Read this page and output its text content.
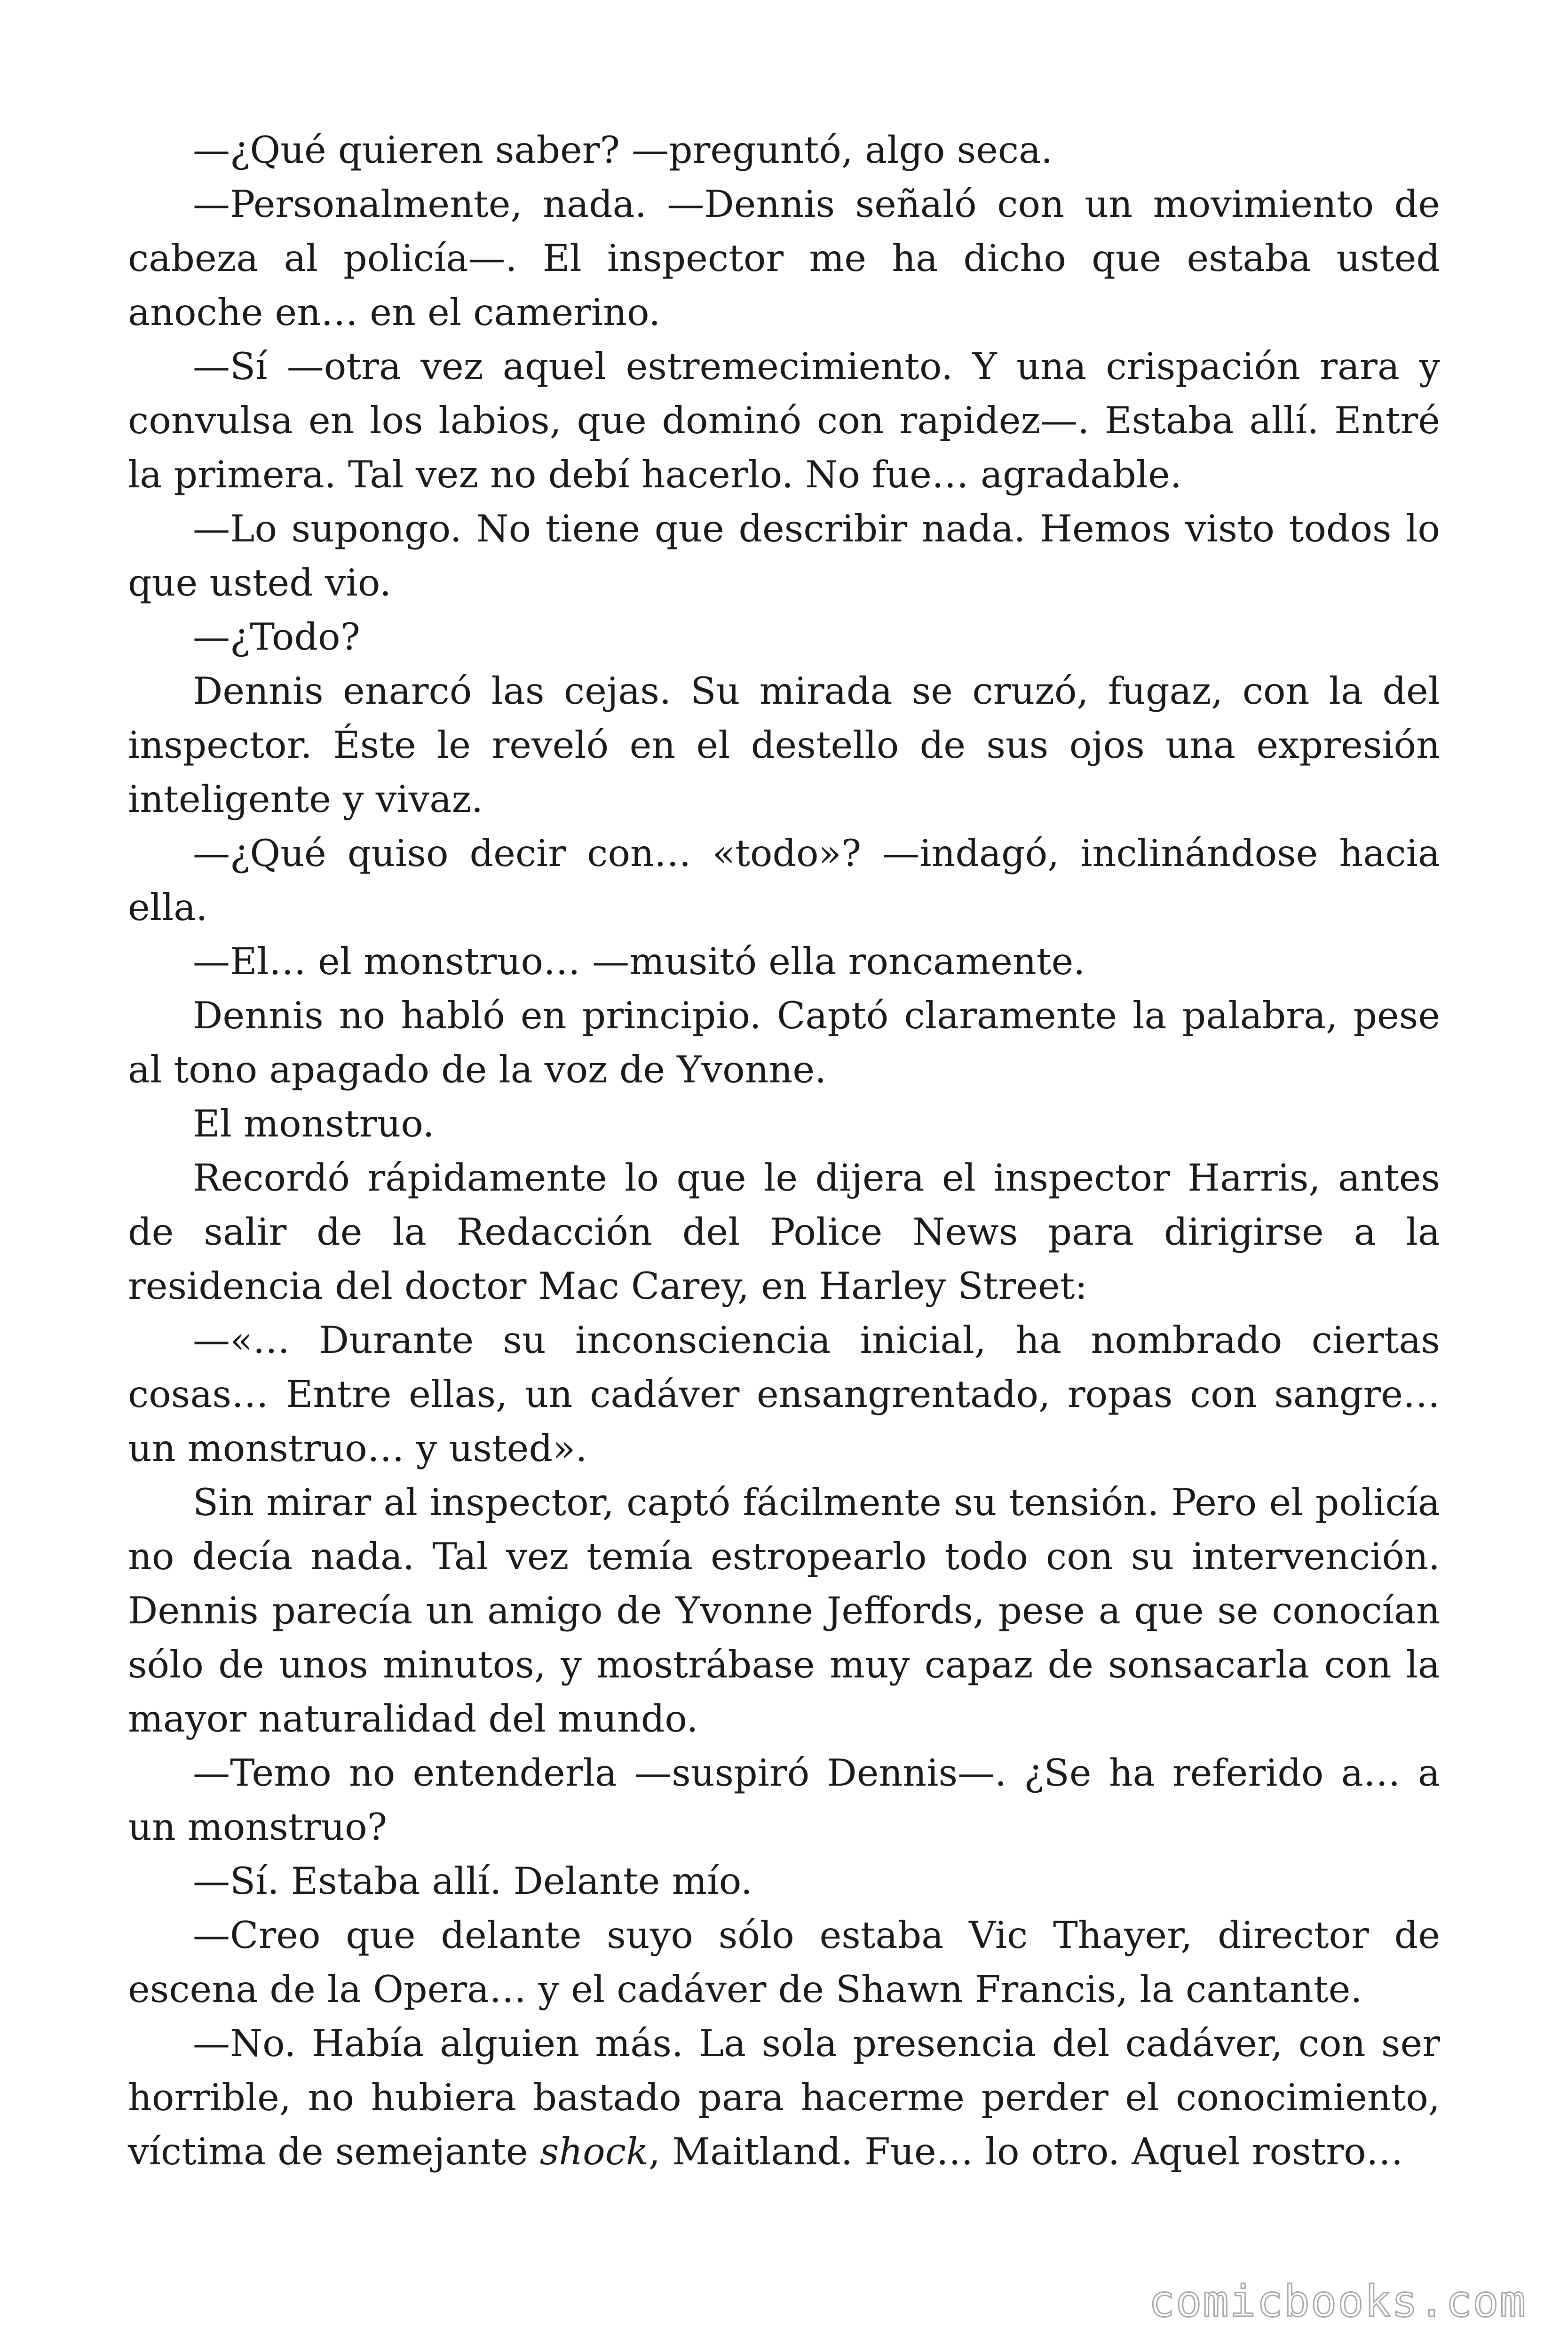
—¿Qué quieren saber? —preguntó, algo seca.

—Personalmente, nada. —Dennis señaló con un movimiento de cabeza al policía—. El inspector me ha dicho que estaba usted anoche en… en el camerino.

—Sí —otra vez aquel estremecimiento. Y una crispación rara y convulsa en los labios, que dominó con rapidez—. Estaba allí. Entré la primera. Tal vez no debí hacerlo. No fue… agradable.

—Lo supongo. No tiene que describir nada. Hemos visto todos lo que usted vio.

—¿Todo?

Dennis enarcó las cejas. Su mirada se cruzó, fugaz, con la del inspector. Éste le reveló en el destello de sus ojos una expresión inteligente y vivaz.

—¿Qué quiso decir con… «todo»? —indagó, inclinándose hacia ella.

—El… el monstruo… —musitó ella roncamente.

Dennis no habló en principio. Captó claramente la palabra, pese al tono apagado de la voz de Yvonne.

El monstruo.

Recordó rápidamente lo que le dijera el inspector Harris, antes de salir de la Redacción del Police News para dirigirse a la residencia del doctor Mac Carey, en Harley Street:

—«… Durante su inconsciencia inicial, ha nombrado ciertas cosas… Entre ellas, un cadáver ensangrentado, ropas con sangre… un monstruo… y usted».

Sin mirar al inspector, captó fácilmente su tensión. Pero el policía no decía nada. Tal vez temía estropearlo todo con su intervención. Dennis parecía un amigo de Yvonne Jeffords, pese a que se conocían sólo de unos minutos, y mostrábase muy capaz de sonsacarla con la mayor naturalidad del mundo.

—Temo no entenderla —suspiró Dennis—. ¿Se ha referido a… a un monstruo?

—Sí. Estaba allí. Delante mío.

—Creo que delante suyo sólo estaba Vic Thayer, director de escena de la Opera… y el cadáver de Shawn Francis, la cantante.

—No. Había alguien más. La sola presencia del cadáver, con ser horrible, no hubiera bastado para hacerme perder el conocimiento, víctima de semejante shock, Maitland. Fue… lo otro. Aquel rostro…

comicbooks.com
